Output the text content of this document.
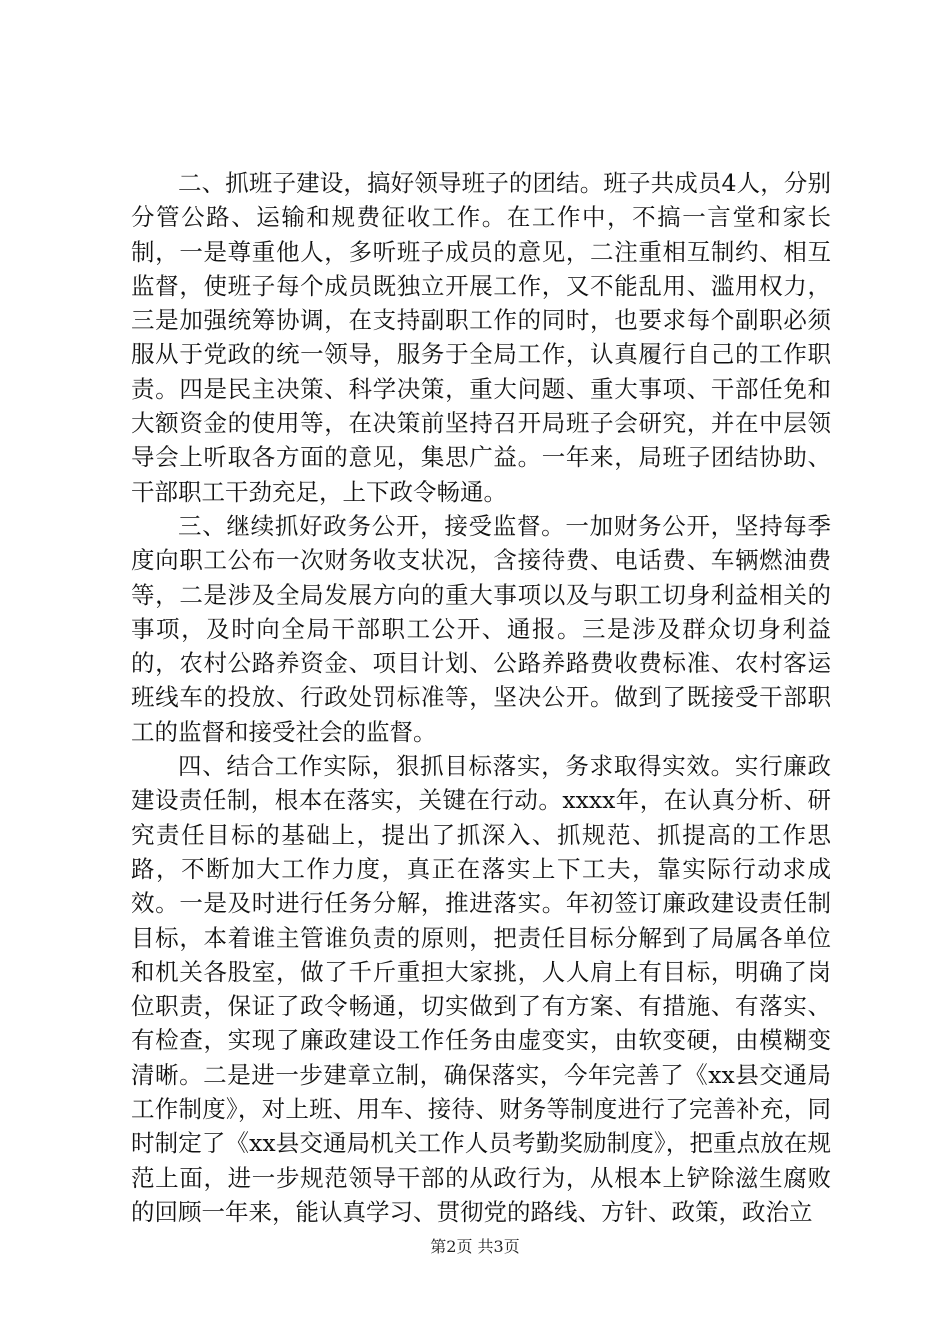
二、抓班子建设，搞好领导班子的团结。班子共成员4人，分别分管公路、运输和规费征收工作。在工作中，不搞一言堂和家长制，一是尊重他人，多听班子成员的意见，二注重相互制约、相互监督，使班子每个成员既独立开展工作，又不能乱用、滥用权力，三是加强统筹协调，在支持副职工作的同时，也要求每个副职必须服从于党政的统一领导，服务于全局工作，认真履行自己的工作职责。四是民主决策、科学决策，重大问题、重大事项、干部任免和大额资金的使用等，在决策前坚持召开局班子会研究，并在中层领导会上听取各方面的意见，集思广益。一年来，局班子团结协助、干部职工干劲充足，上下政令畅通。

三、继续抓好政务公开，接受监督。一加财务公开，坚持每季度向职工公布一次财务收支状况，含接待费、电话费、车辆燃油费等，二是涉及全局发展方向的重大事项以及与职工切身利益相关的事项，及时向全局干部职工公开、通报。三是涉及群众切身利益的，农村公路养资金、项目计划、公路养路费收费标准、农村客运班线车的投放、行政处罚标准等，坚决公开。做到了既接受干部职工的监督和接受社会的监督。

四、结合工作实际，狠抓目标落实，务求取得实效。实行廉政建设责任制，根本在落实，关键在行动。xxxx年，在认真分析、研究责任目标的基础上，提出了抓深入、抓规范、抓提高的工作思路，不断加大工作力度，真正在落实上下工夫，靠实际行动求成效。一是及时进行任务分解，推进落实。年初签订廉政建设责任制目标，本着谁主管谁负责的原则，把责任目标分解到了局属各单位和机关各股室，做了千斤重担大家挑，人人肩上有目标，明确了岗位职责，保证了政令畅通，切实做到了有方案、有措施、有落实、有检查，实现了廉政建设工作任务由虚变实，由软变硬，由模糊变清晰。二是进一步建章立制，确保落实，今年完善了《xx县交通局工作制度》，对上班、用车、接待、财务等制度进行了完善补充，同时制定了《xx县交通局机关工作人员考勤奖励制度》，把重点放在规范上面，进一步规范领导干部的从政行为，从根本上铲除滋生腐败的回顾一年来，能认真学习、贯彻党的路线、方针、政策，政治立

第2页 共3页
